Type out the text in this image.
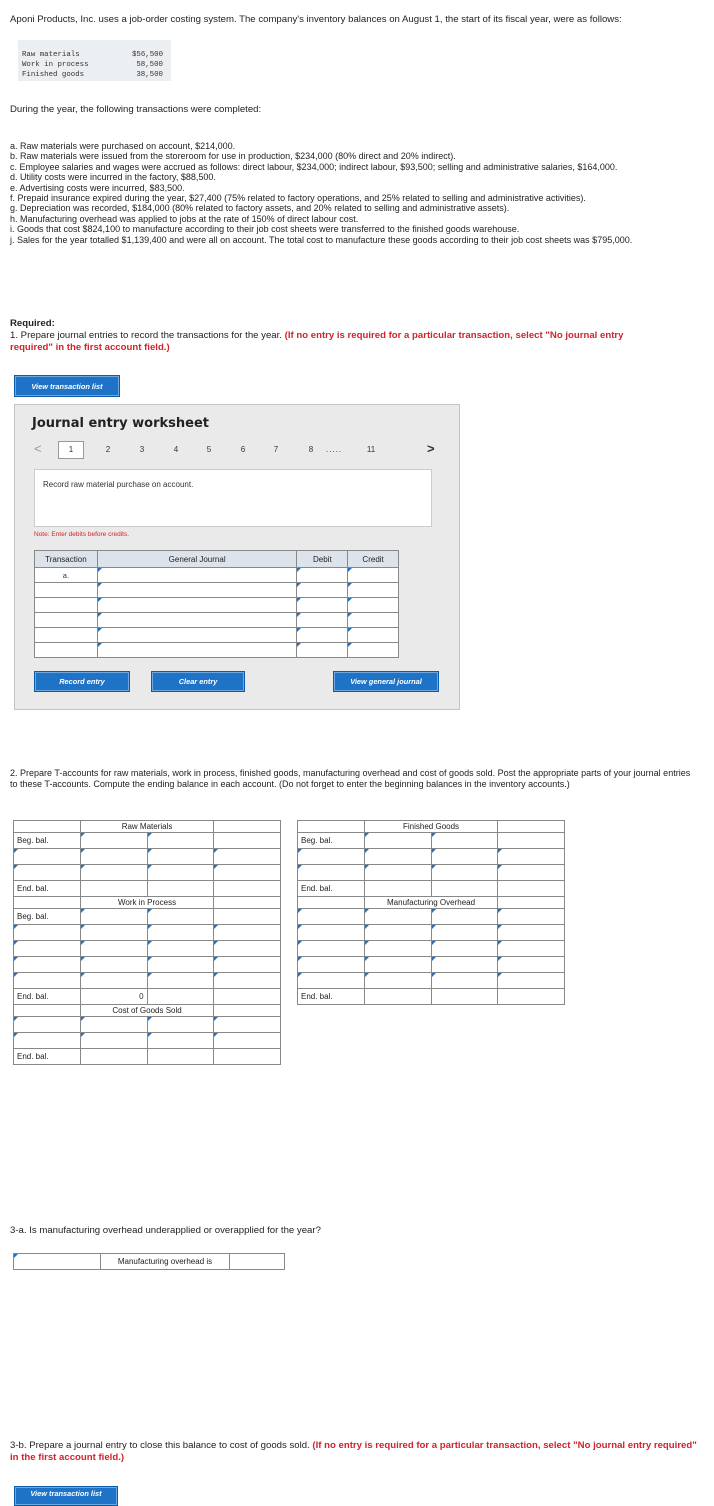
Aponi Products, Inc. uses a job-order costing system. The company's inventory balances on August 1, the start of its fiscal year, were as follows:
Raw materials	$56,500
Work in process	58,500
Finished goods	38,500
During the year, the following transactions were completed:
a. Raw materials were purchased on account, $214,000.
b. Raw materials were issued from the storeroom for use in production, $234,000 (80% direct and 20% indirect).
c. Employee salaries and wages were accrued as follows: direct labour, $234,000; indirect labour, $93,500; selling and administrative salaries, $164,000.
d. Utility costs were incurred in the factory, $88,500.
e. Advertising costs were incurred, $83,500.
f. Prepaid insurance expired during the year, $27,400 (75% related to factory operations, and 25% related to selling and administrative activities).
g. Depreciation was recorded, $184,000 (80% related to factory assets, and 20% related to selling and administrative assets).
h. Manufacturing overhead was applied to jobs at the rate of 150% of direct labour cost.
i. Goods that cost $824,100 to manufacture according to their job cost sheets were transferred to the finished goods warehouse.
j. Sales for the year totalled $1,139,400 and were all on account. The total cost to manufacture these goods according to their job cost sheets was $795,000.
Required:
1. Prepare journal entries to record the transactions for the year. (If no entry is required for a particular transaction, select "No journal entry required" in the first account field.)
View transaction list
Journal entry worksheet
<	1	2	3	4	5	6	7	8	.....	11	>
Record raw material purchase on account.
Note: Enter debits before credits.
Transaction	General Journal	Debit	Credit
a.			

Record entry	Clear entry	View general journal
2. Prepare T-accounts for raw materials, work in process, finished goods, manufacturing overhead and cost of goods sold. Post the appropriate parts of your journal entries to these T-accounts. Compute the ending balance in each account. (Do not forget to enter the beginning balances in the inventory accounts.)
	Raw Materials		
Beg. bal.			

End. bal.			
	Work in Process		
Beg. bal.			

End. bal.	0		
	Cost of Goods Sold		

End. bal.			
	Finished Goods		
Beg. bal.			

End. bal.			
	Manufacturing Overhead		

End. bal.			
3-a. Is manufacturing overhead underapplied or overapplied for the year?
	Manufacturing overhead is	
3-b. Prepare a journal entry to close this balance to cost of goods sold. (If no entry is required for a particular transaction, select "No journal entry required" in the first account field.)
View transaction list
